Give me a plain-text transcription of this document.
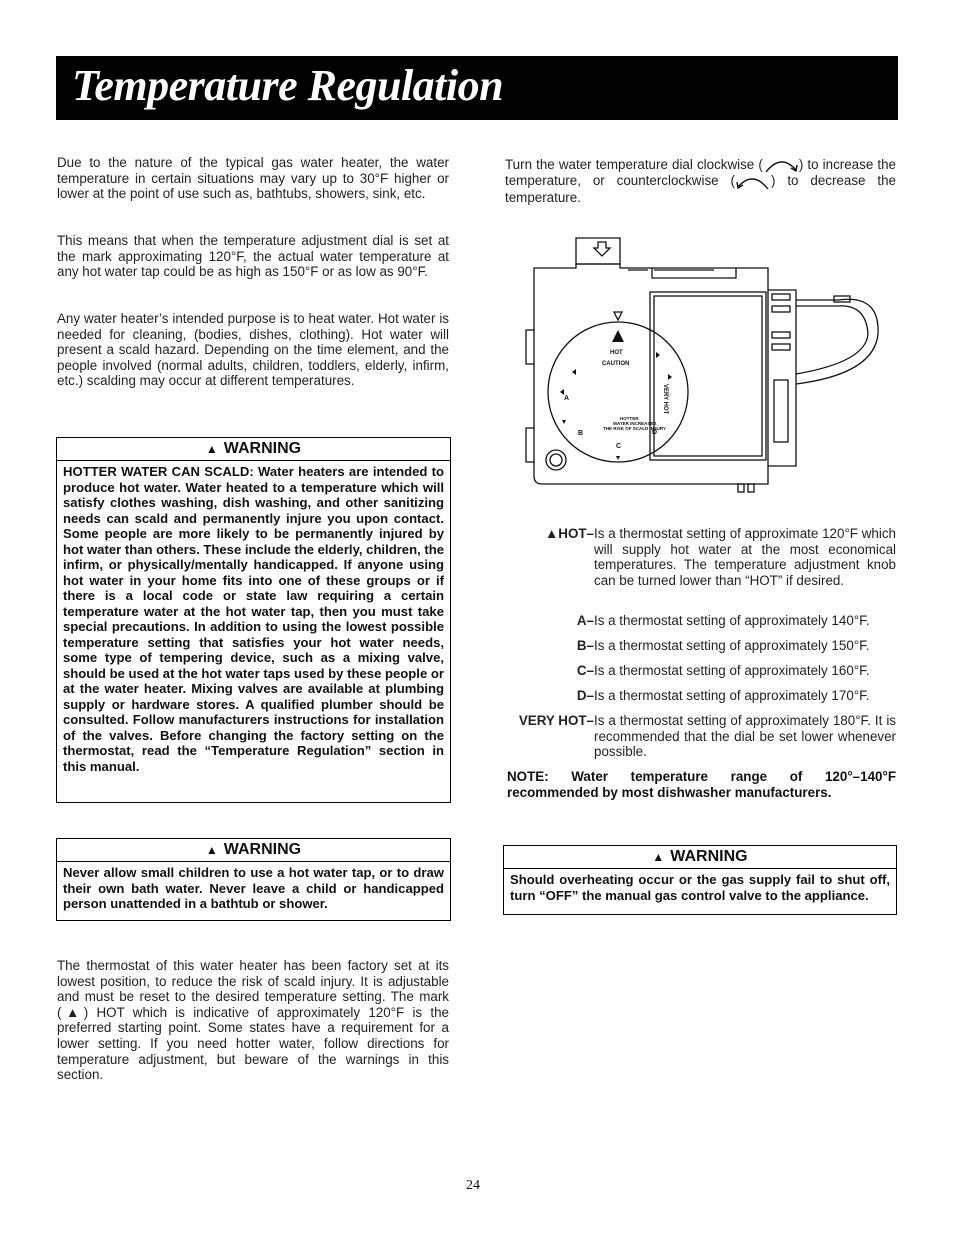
Temperature Regulation

Due to the nature of the typical gas water heater, the water temperature in certain situations may vary up to 30°F higher or lower at the point of use such as, bathtubs, showers, sink, etc.

This means that when the temperature adjustment dial is set at the mark approximating 120°F, the actual water temperature at any hot water tap could be as high as 150°F or as low as 90°F.

Any water heater’s intended purpose is to heat water. Hot water is needed for cleaning, (bodies, dishes, clothing). Hot water will present a scald hazard. Depending on the time element, and the people involved (normal adults, children, toddlers, elderly, infirm, etc.) scalding may occur at different temperatures.

▲ WARNING
HOTTER WATER CAN SCALD: Water heaters are intended to produce hot water. Water heated to a temperature which will satisfy clothes washing, dish washing, and other sanitizing needs can scald and permanently injure you upon contact. Some people are more likely to be permanently injured by hot water than others. These include the elderly, children, the infirm, or physically/mentally handicapped. If anyone using hot water in your home fits into one of these groups or if there is a local code or state law requiring a certain temperature water at the hot water tap, then you must take special precautions. In addition to using the lowest possible temperature setting that satisfies your hot water needs, some type of tempering device, such as a mixing valve, should be used at the hot water taps used by these people or at the water heater. Mixing valves are available at plumbing supply or hardware stores. A qualified plumber should be consulted. Follow manufacturers instructions for installation of the valves. Before changing the factory setting on the thermostat, read the “Temperature Regulation” section in this manual.
▲ WARNING
Never allow small children to use a hot water tap, or to draw their own bath water. Never leave a child or handicapped person unattended in a bathtub or shower.

The thermostat of this water heater has been factory set at its lowest position, to reduce the risk of scald injury. It is adjustable and must be reset to the desired temperature setting. The mark (▲) HOT which is indicative of approximately 120°F is the preferred starting point. Some states have a requirement for a lower setting. If you need hotter water, follow directions for temperature adjustment, but beware of the warnings in this section.

Turn the water temperature dial clockwise (	) to increase the temperature, or counterclockwise (	) to decrease the temperature.

HOT
CAUTION
VERY HOT
A
B
C
D
HOTTER
WATER INCREASES
THE RISK OF SCALD INJURY
▲HOT– Is a thermostat setting of approximate 120°F which will supply hot water at the most economical temperatures. The temperature adjustment knob can be turned lower than “HOT” if desired.
A– Is a thermostat setting of approximately 140°F.
B– Is a thermostat setting of approximately 150°F.
C– Is a thermostat setting of approximately 160°F.
D– Is a thermostat setting of approximately 170°F.
VERY HOT– Is a thermostat setting of approximately 180°F. It is recommended that the dial be set lower whenever possible.

NOTE: Water temperature range of 120°–140°F recommended by most dishwasher manufacturers.

▲ WARNING
Should overheating occur or the gas supply fail to shut off, turn “OFF” the manual gas control valve to the appliance.
24
